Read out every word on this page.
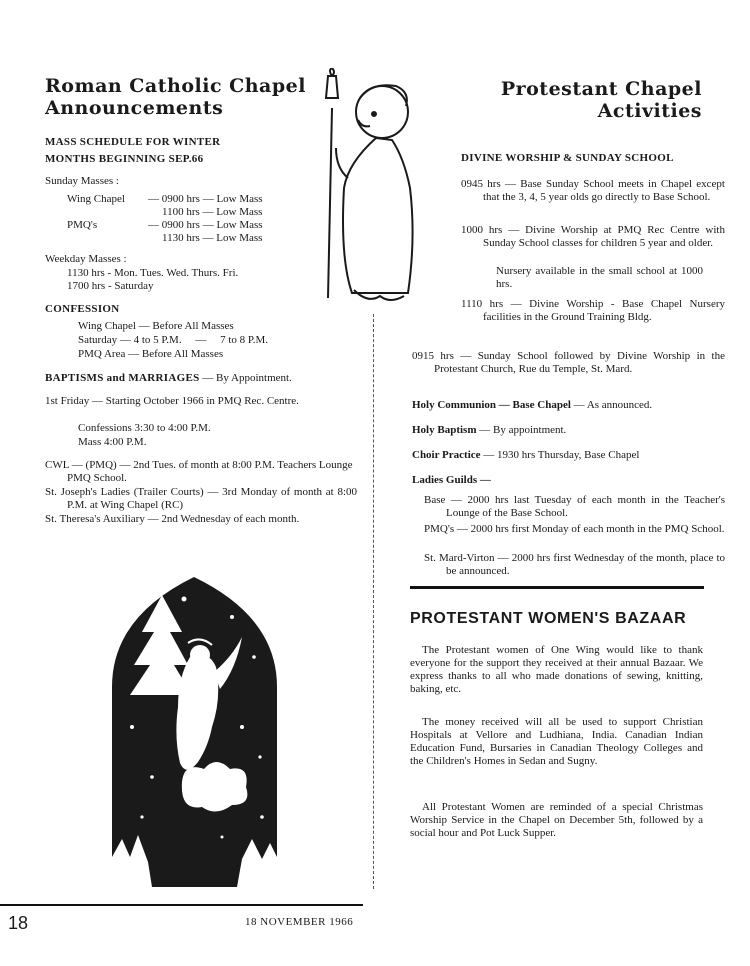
Roman Catholic Chapel
Announcements
MASS SCHEDULE FOR WINTER
MONTHS BEGINNING SEP.66
Sunday Masses :
Wing Chapel — 0900 hrs — Low Mass
1100 hrs — Low Mass
PMQ's	— 0900 hrs — Low Mass
1130 hrs — Low Mass
Weekday Masses :
1130 hrs - Mon. Tues. Wed. Thurs. Fri.
1700 hrs - Saturday
CONFESSION
Wing Chapel — Before All Masses
Saturday — 4 to 5 P.M.     —     7 to 8 P.M.
PMQ Area — Before All Masses
BAPTISMS and MARRIAGES — By Appointment.
1st Friday — Starting October 1966 in PMQ Rec. Centre.
Confessions 3:30 to 4:00 P.M.
Mass 4:00 P.M.
CWL — (PMQ) — 2nd Tues. of month at 8:00 P.M. Teachers Lounge PMQ School.
St. Joseph's Ladies (Trailer Courts) — 3rd Monday of month at 8:00 P.M. at Wing Chapel (RC)
St. Theresa's Auxiliary — 2nd Wednesday of each month.
Protestant Chapel
Activities
DIVINE WORSHIP & SUNDAY SCHOOL
0945 hrs — Base Sunday School meets in Chapel except that the 3, 4, 5 year olds go directly to Base School.
1000 hrs — Divine Worship at PMQ Rec Centre with Sunday School classes for children 5 year and older.
Nursery available in the small school at 1000 hrs.
1110 hrs — Divine Worship - Base Chapel Nursery facilities in the Ground Training Bldg.
0915 hrs — Sunday School followed by Divine Worship in the Protestant Church, Rue du Temple, St. Mard.
Holy Communion — Base Chapel — As announced.
Holy Baptism — By appointment.
Choir Practice — 1930 hrs Thursday, Base Chapel
Ladies Guilds —
Base — 2000 hrs last Tuesday of each month in the Teacher's Lounge of the Base School.
PMQ's — 2000 hrs first Monday of each month in the PMQ School.
St. Mard-Virton — 2000 hrs first Wednesday of the month, place to be announced.
PROTESTANT WOMEN'S BAZAAR
The Protestant women of One Wing would like to thank everyone for the support they received at their annual Bazaar. We express thanks to all who made donations of sewing, knitting, baking, etc.
The money received will all be used to support Christian Hospitals at Vellore and Ludhiana, India. Canadian Indian Education Fund, Bursaries in Canadian Theology Colleges and the Children's Homes in Sedan and Sugny.
All Protestant Women are reminded of a special Christmas Worship Service in the Chapel on December 5th, followed by a social hour and Pot Luck Supper.
18	18 NOVEMBER 1966
